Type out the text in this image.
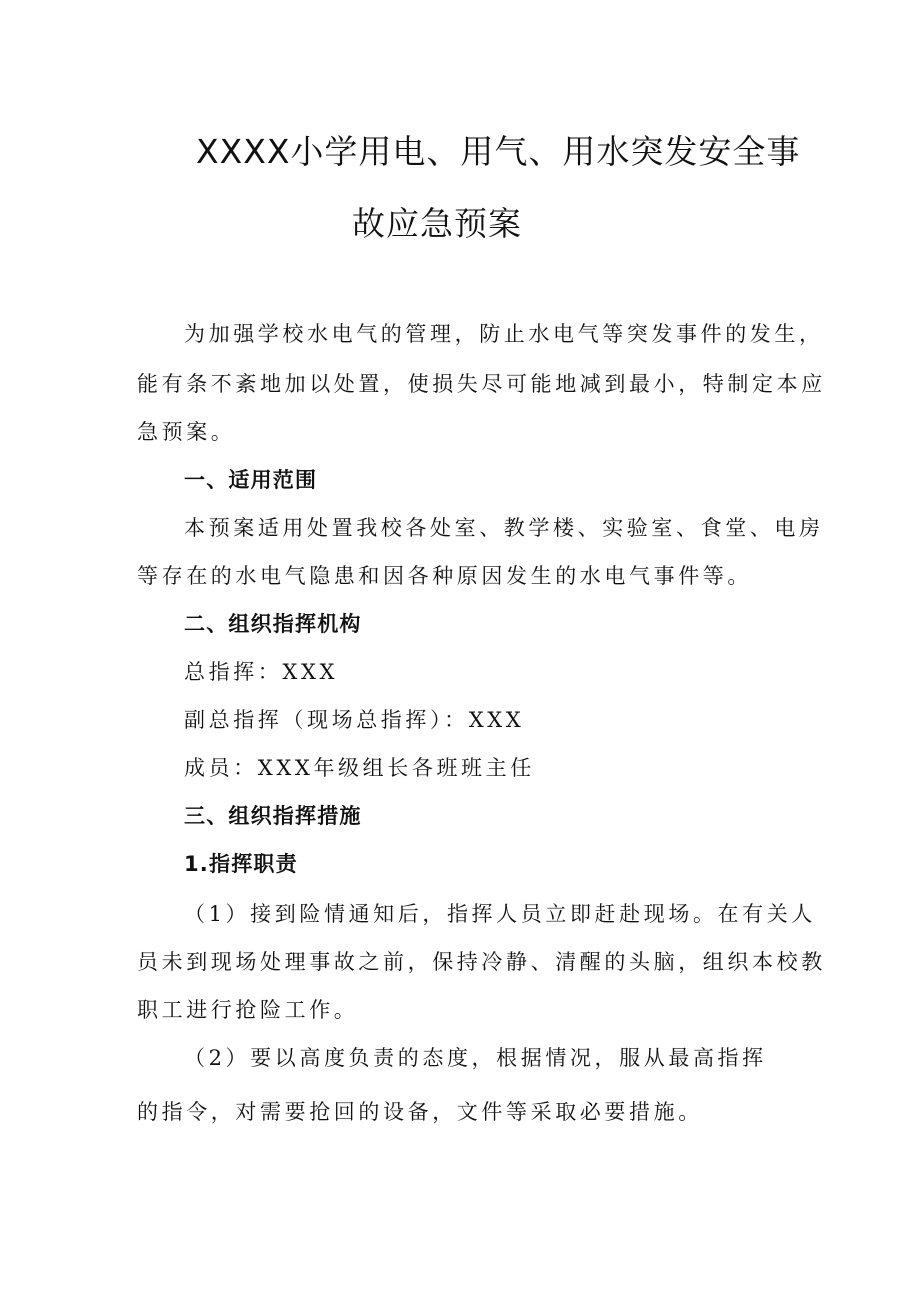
XXXX小学用电、用气、用水突发安全事
故应急预案
为加强学校水电气的管理，防止水电气等突发事件的发生，
能有条不紊地加以处置，使损失尽可能地减到最小，特制定本应
急预案。
一、适用范围
本预案适用处置我校各处室、教学楼、实验室、食堂、电房
等存在的水电气隐患和因各种原因发生的水电气事件等。
二、组织指挥机构
总指挥：XXX
副总指挥（现场总指挥）：XXX
成员：XXX年级组长各班班主任
三、组织指挥措施
1.指挥职责
（1）接到险情通知后，指挥人员立即赶赴现场。在有关人
员未到现场处理事故之前，保持冷静、清醒的头脑，组织本校教
职工进行抢险工作。
（2）要以高度负责的态度，根据情况，服从最高指挥
的指令，对需要抢回的设备，文件等采取必要措施。
